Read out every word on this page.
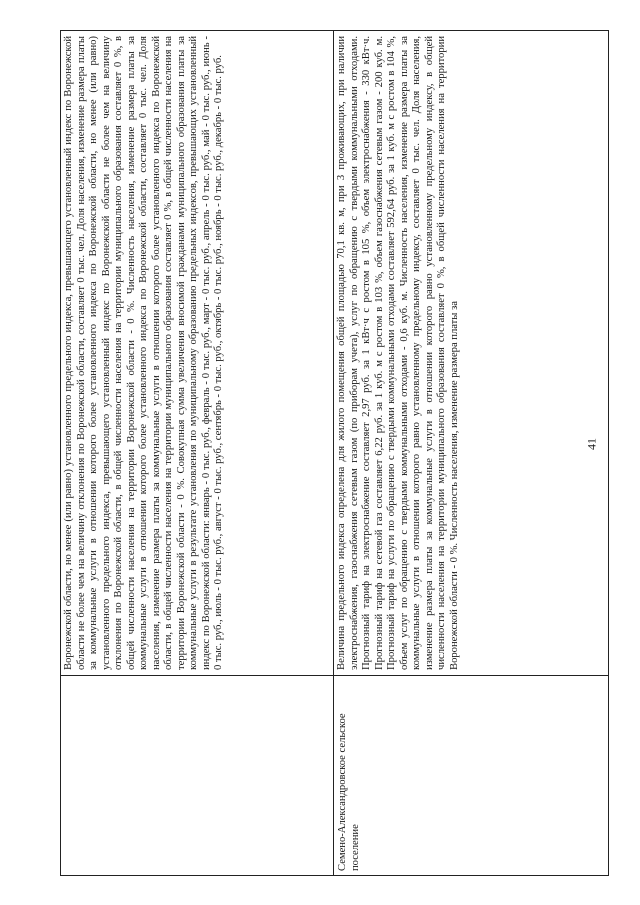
41
	Воронежской области, но менее (или равно) установленного предельного индекса, превышающего установленный индекс по Воронежской области не более чем на величину отклонения по Воронежской области, составляет 0 тыс. чел. Доля населения, изменение размера платы за коммунальные услуги в отношении которого более установленного индекса по Воронежской области, но менее (или равно) установленного предельного индекса, превышающего установленный индекс по Воронежской области не более чем на величину отклонения по Воронежской области, в общей численности населения на территории муниципального образования составляет 0 %, в общей численности населения на территории Воронежской области - 0 %. Численность населения, изменение размера платы за коммунальные услуги в отношении которого более установленного индекса по Воронежской области, составляет 0 тыс. чел. Доля населения, изменение размера платы за коммунальные услуги в отношении которого более установленного индекса по Воронежской области, в общей численности населения на территории муниципального образования составляет 0 %, в общей численности населения на территории Воронежской области - 0 %. Совокупная сумма увеличения вносимой гражданами муниципального образования платы за коммунальные услуги в результате установления по муниципальному образованию предельных индексов, превышающих установленный индекс по Воронежской области: январь - 0 тыс. руб., февраль - 0 тыс. руб., март - 0 тыс. руб., апрель - 0 тыс. руб., май - 0 тыс. руб., июнь - 0 тыс. руб., июль - 0 тыс. руб., август - 0 тыс. руб., сентябрь - 0 тыс. руб., октябрь - 0 тыс. руб., ноябрь - 0 тыс. руб., декабрь - 0 тыс. руб.
Семено-Александровское сельское поселение	Величина предельного индекса определена для жилого помещения общей площадью 70,1 кв. м, при 3 проживающих, при наличии электроснабжения, газоснабжения сетевым газом (по приборам учета), услуг по обращению с твердыми коммунальными отходами. Прогнозный тариф на электроснабжение составляет 2,97 руб. за 1 кВт·ч с ростом в 105 %, объем электроснабжения - 330 кВт·ч. Прогнозный тариф на сетевой газ составляет 6,22 руб. за 1 куб. м с ростом в 103 %, объем газоснабжения сетевым газом - 200 куб. м. Прогнозный тариф на услуги по обращению с твердыми коммунальными отходами составляет 592,64 руб. за 1 куб. м с ростом в 104 %, объем услуг по обращению с твердыми коммунальными отходами - 0,6 куб. м. Численность населения, изменение размера платы за коммунальные услуги в отношении которого равно установленному предельному индексу, составляет 0 тыс. чел. Доля населения, изменение размера платы за коммунальные услуги в отношении которого равно установленному предельному индексу, в общей численности населения на территории муниципального образования составляет 0 %, в общей численности населения на территории Воронежской области - 0 %. Численность населения, изменение размера платы за
